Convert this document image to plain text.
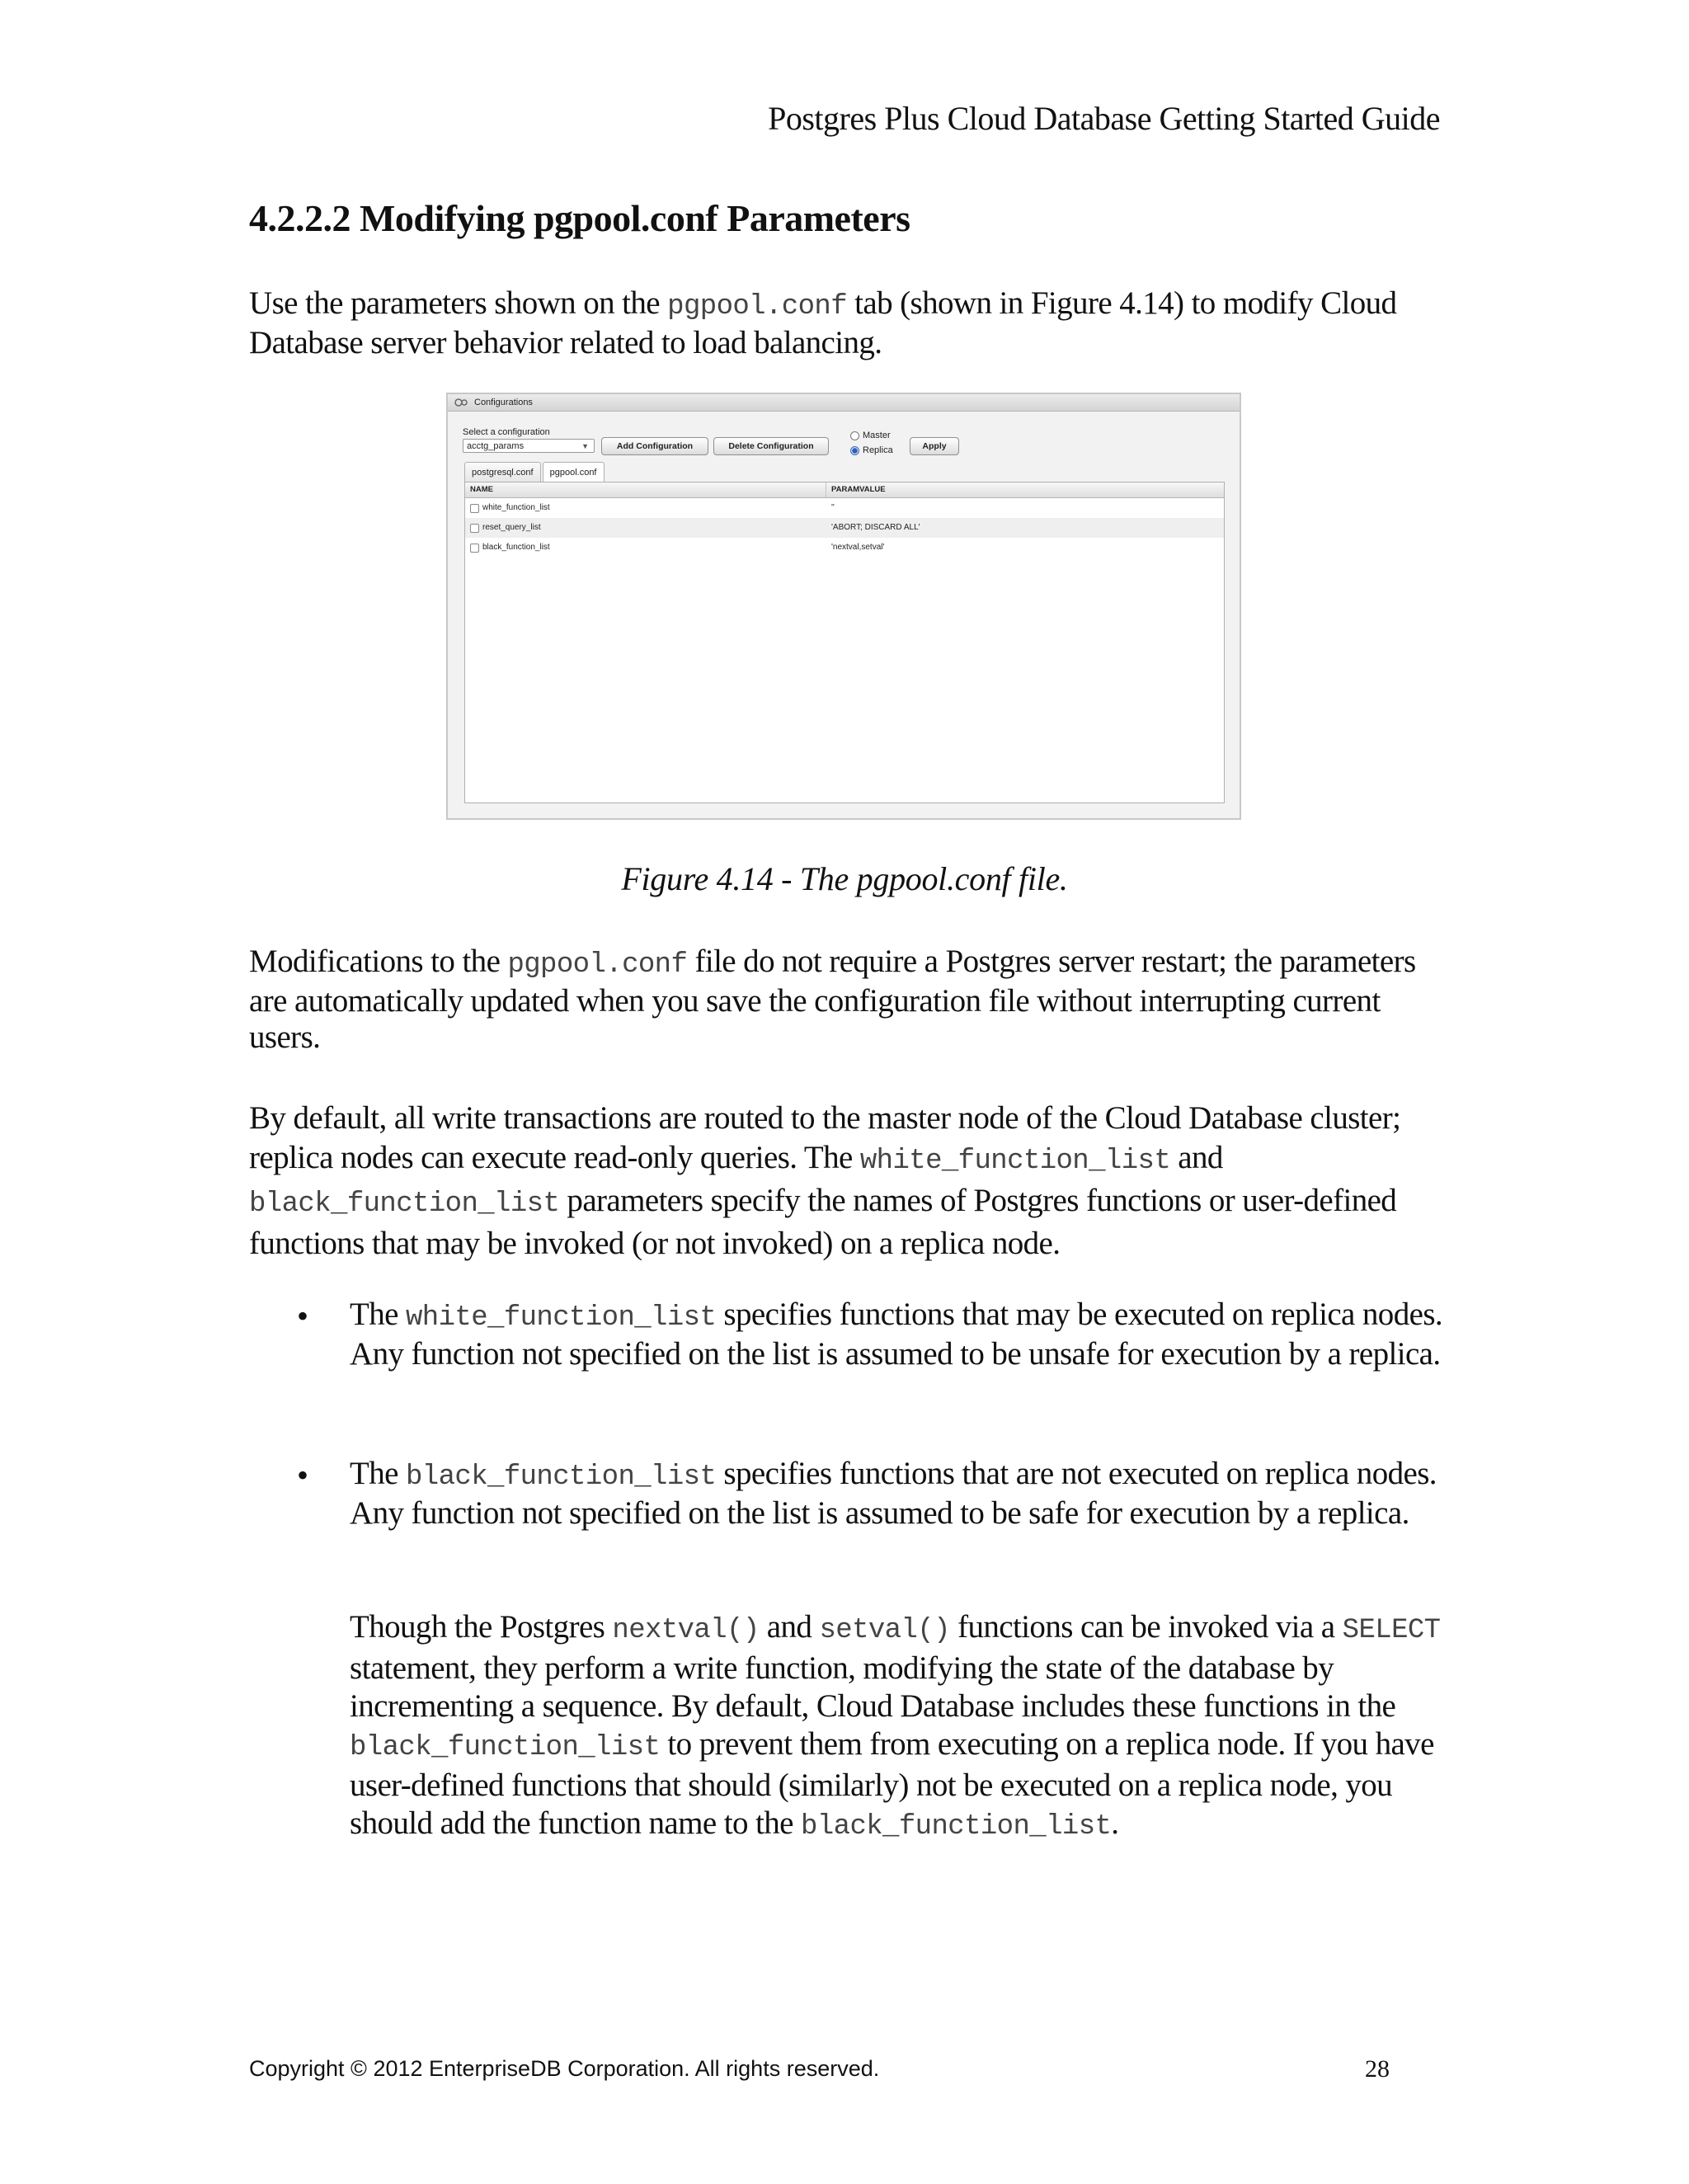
Postgres Plus Cloud Database Getting Started Guide
4.2.2.2 Modifying pgpool.conf Parameters

Use the parameters shown on the pgpool.conf tab (shown in Figure 4.14) to modify Cloud Database server behavior related to load balancing.

Configurations
Select a configuration
acctg_params	▼	Add Configuration	Delete Configuration
Master
Replica	Apply
postgresql.conf	pgpool.conf
NAME	PARAMVALUE
white_function_list	''
reset_query_list	'ABORT; DISCARD ALL'
black_function_list	'nextval,setval'

Figure 4.14 - The pgpool.conf file.

Modifications to the pgpool.conf file do not require a Postgres server restart; the parameters are automatically updated when you save the configuration file without interrupting current users.

By default, all write transactions are routed to the master node of the Cloud Database cluster; replica nodes can execute read-only queries. The white_function_list and black_function_list parameters specify the names of Postgres functions or user-defined functions that may be invoked (or not invoked) on a replica node.

• The white_function_list specifies functions that may be executed on replica nodes. Any function not specified on the list is assumed to be unsafe for execution by a replica.

• The black_function_list specifies functions that are not executed on replica nodes. Any function not specified on the list is assumed to be safe for execution by a replica.

Though the Postgres nextval() and setval() functions can be invoked via a SELECT statement, they perform a write function, modifying the state of the database by incrementing a sequence. By default, Cloud Database includes these functions in the black_function_list to prevent them from executing on a replica node. If you have user-defined functions that should (similarly) not be executed on a replica node, you should add the function name to the black_function_list.

Copyright © 2012 EnterpriseDB Corporation. All rights reserved.	28
